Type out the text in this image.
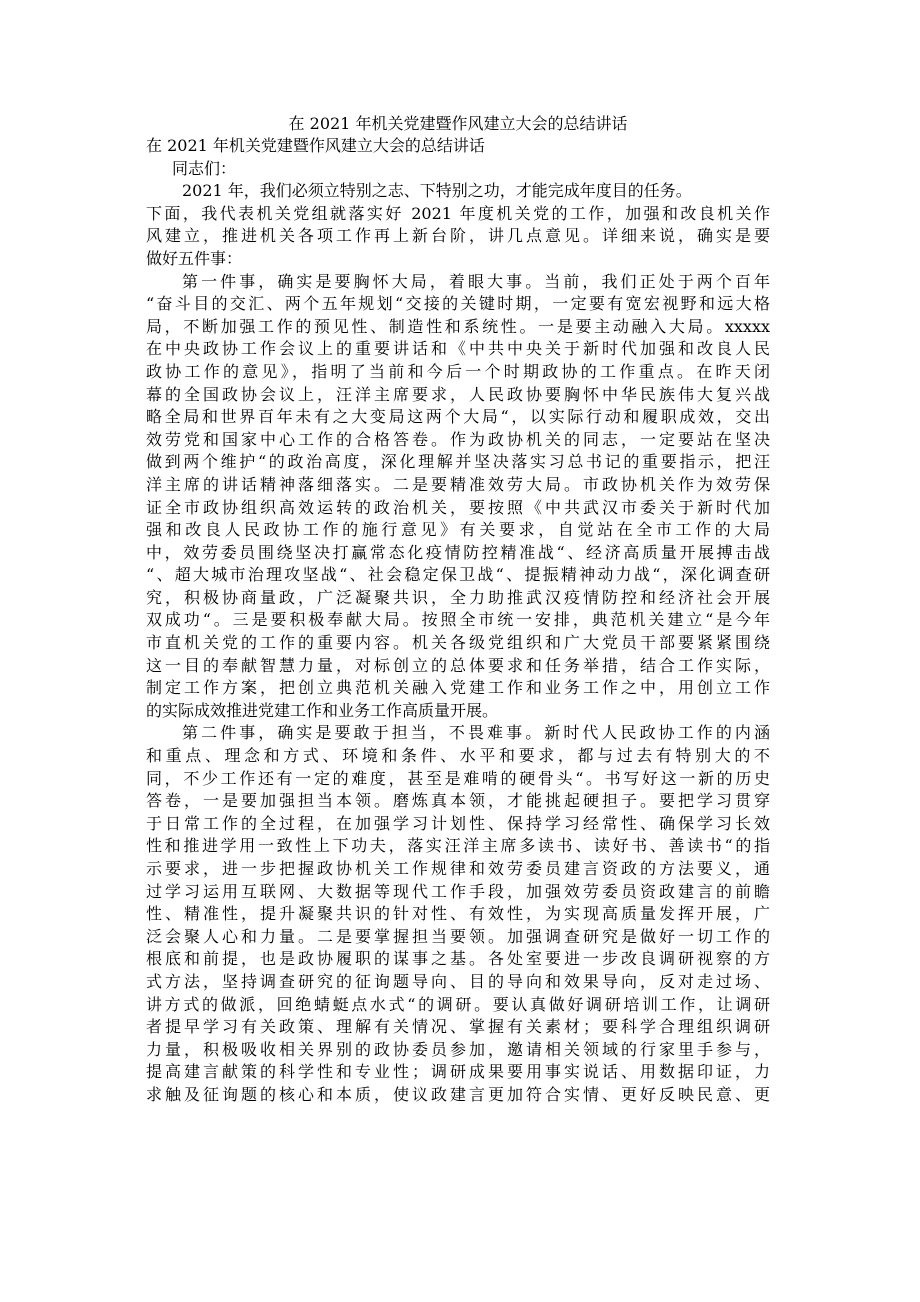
在 2021 年机关党建暨作风建立大会的总结讲话
在 2021 年机关党建暨作风建立大会的总结讲话
同志们：
2021 年，我们必须立特别之志、下特别之功，才能完成年度目的任务。
下面，我代表机关党组就落实好 2021 年度机关党的工作，加强和改良机关作
风建立，推进机关各项工作再上新台阶，讲几点意见。详细来说，确实是要
做好五件事：
第一件事，确实是要胸怀大局，着眼大事。当前，我们正处于两个百年
“奋斗目的交汇、两个五年规划“交接的关键时期，一定要有宽宏视野和远大格
局，不断加强工作的预见性、制造性和系统性。一是要主动融入大局。xxxxx
在中央政协工作会议上的重要讲话和《中共中央关于新时代加强和改良人民
政协工作的意见》，指明了当前和今后一个时期政协的工作重点。在昨天闭
幕的全国政协会议上，汪洋主席要求，人民政协要胸怀中华民族伟大复兴战
略全局和世界百年未有之大变局这两个大局“，以实际行动和履职成效，交出
效劳党和国家中心工作的合格答卷。作为政协机关的同志，一定要站在坚决
做到两个维护“的政治高度，深化理解并坚决落实习总书记的重要指示，把汪
洋主席的讲话精神落细落实。二是要精准效劳大局。市政协机关作为效劳保
证全市政协组织高效运转的政治机关，要按照《中共武汉市委关于新时代加
强和改良人民政协工作的施行意见》有关要求，自觉站在全市工作的大局
中，效劳委员围绕坚决打赢常态化疫情防控精准战“、经济高质量开展搏击战
“、超大城市治理攻坚战“、社会稳定保卫战“、提振精神动力战“，深化调查研
究，积极协商量政，广泛凝聚共识，全力助推武汉疫情防控和经济社会开展
双成功“。三是要积极奉献大局。按照全市统一安排，典范机关建立“是今年
市直机关党的工作的重要内容。机关各级党组织和广大党员干部要紧紧围绕
这一目的奉献智慧力量，对标创立的总体要求和任务举措，结合工作实际，
制定工作方案，把创立典范机关融入党建工作和业务工作之中，用创立工作
的实际成效推进党建工作和业务工作高质量开展。
第二件事，确实是要敢于担当，不畏难事。新时代人民政协工作的内涵
和重点、理念和方式、环境和条件、水平和要求，都与过去有特别大的不
同，不少工作还有一定的难度，甚至是难啃的硬骨头“。书写好这一新的历史
答卷，一是要加强担当本领。磨炼真本领，才能挑起硬担子。要把学习贯穿
于日常工作的全过程，在加强学习计划性、保持学习经常性、确保学习长效
性和推进学用一致性上下功夫，落实汪洋主席多读书、读好书、善读书“的指
示要求，进一步把握政协机关工作规律和效劳委员建言资政的方法要义，通
过学习运用互联网、大数据等现代工作手段，加强效劳委员资政建言的前瞻
性、精准性，提升凝聚共识的针对性、有效性，为实现高质量发挥开展，广
泛会聚人心和力量。二是要掌握担当要领。加强调查研究是做好一切工作的
根底和前提，也是政协履职的谋事之基。各处室要进一步改良调研视察的方
式方法，坚持调查研究的征询题导向、目的导向和效果导向，反对走过场、
讲方式的做派，回绝蜻蜓点水式“的调研。要认真做好调研培训工作，让调研
者提早学习有关政策、理解有关情况、掌握有关素材；要科学合理组织调研
力量，积极吸收相关界别的政协委员参加，邀请相关领域的行家里手参与，
提高建言献策的科学性和专业性；调研成果要用事实说话、用数据印证，力
求触及征询题的核心和本质，使议政建言更加符合实情、更好反映民意、更
